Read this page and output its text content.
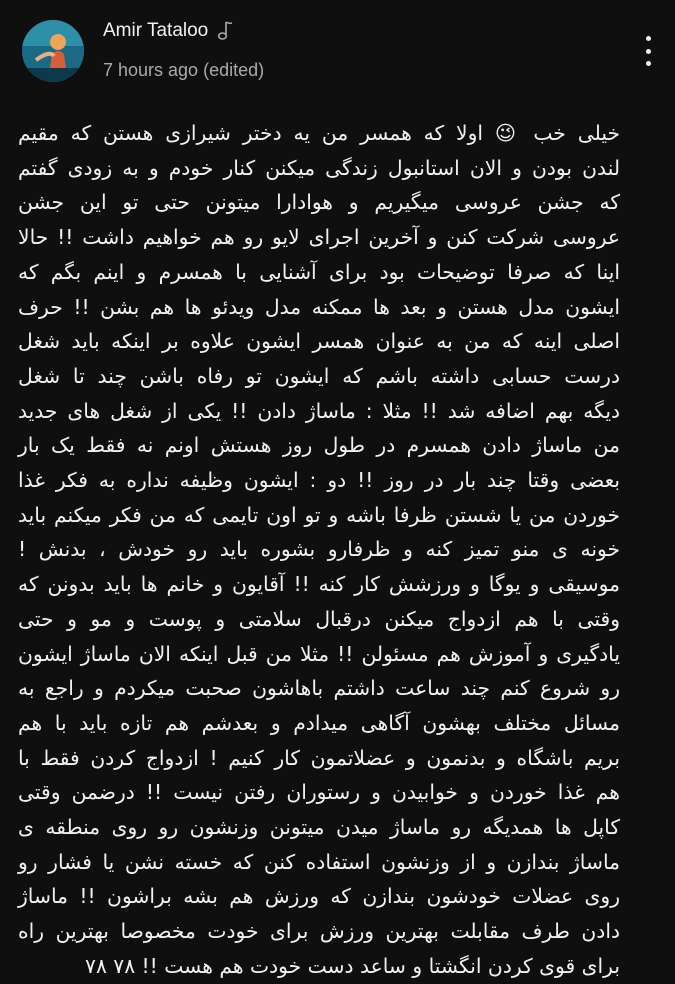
Amir Tataloo
7 hours ago (edited)
خیلی خب 😉 اولا که همسر من یه دختر شیرازی هستن که مقیم
لندن بودن و الان استانبول زندگی میکنن کنار خودم و به زودی گفتم
که جشن عروسی میگیریم و هوادارا میتونن حتی تو این جشن
عروسی شرکت کنن و آخرین اجرای لایو رو هم خواهیم داشت !! حالا
اینا که صرفا توضیحات بود برای آشنایی با همسرم و اینم بگم که
ایشون مدل هستن و بعد ها ممکنه مدل ویدئو ها هم بشن !! حرف
اصلی اینه که من به عنوان همسر ایشون علاوه بر اینکه باید شغل
درست حسابی داشته باشم که ایشون تو رفاه باشن چند تا شغل
دیگه بهم اضافه شد !! مثلا : ماساژ دادن !! یکی از شغل های جدید
من ماساژ دادن همسرم در طول روز هستش اونم نه فقط یک بار
بعضی وقتا چند بار در روز !! دو : ایشون وظیفه نداره به فکر غذا
خوردن من یا شستن ظرفا باشه و تو اون تایمی که من فکر میکنم باید
خونه ی منو تمیز کنه و ظرفارو بشوره باید رو خودش ، بدنش !
موسیقی و یوگا و ورزشش کار کنه !! آقایون و خانم ها باید بدونن که
وقتی با هم ازدواج میکنن درقبال سلامتی و پوست و مو و حتی
یادگیری و آموزش هم مسئولن !! مثلا من قبل اینکه الان ماساژ ایشون
رو شروع کنم چند ساعت داشتم باهاشون صحبت میکردم و راجع به
مسائل مختلف بهشون آگاهی میدادم و بعدشم هم تازه باید با هم
بریم باشگاه و بدنمون و عضلاتمون کار کنیم ! ازدواج کردن فقط با
هم غذا خوردن و خوابیدن و رستوران رفتن نیست !! درضمن وقتی
کاپل ها همدیگه رو ماساژ میدن میتونن وزنشون رو روی منطقه ی
ماساژ بندازن و از وزنشون استفاده کنن که خسته نشن یا فشار رو
روی عضلات خودشون بندازن که ورزش هم بشه براشون !! ماساژ
دادن طرف مقابلت بهترین ورزش برای خودت مخصوصا بهترین راه
برای قوی کردن انگشتا و ساعد دست خودت هم هست !! ۷۸ ۷۸
